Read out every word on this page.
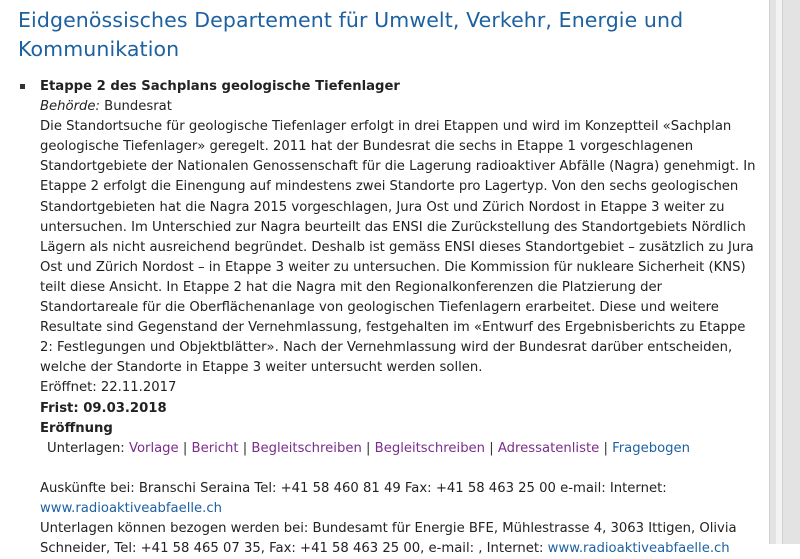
Eidgenössisches Departement für Umwelt, Verkehr, Energie und Kommunikation

Etappe 2 des Sachplans geologische Tiefenlager

Behörde: Bundesrat

Die Standortsuche für geologische Tiefenlager erfolgt in drei Etappen und wird im Konzeptteil «Sachplan geologische Tiefenlager» geregelt. 2011 hat der Bundesrat die sechs in Etappe 1 vorgeschlagenen Standortgebiete der Nationalen Genossenschaft für die Lagerung radioaktiver Abfälle (Nagra) genehmigt. In Etappe 2 erfolgt die Einengung auf mindestens zwei Standorte pro Lagertyp. Von den sechs geologischen Standortgebieten hat die Nagra 2015 vorgeschlagen, Jura Ost und Zürich Nordost in Etappe 3 weiter zu untersuchen. Im Unterschied zur Nagra beurteilt das ENSI die Zurückstellung des Standortgebiets Nördlich Lägern als nicht ausreichend begründet. Deshalb ist gemäss ENSI dieses Standortgebiet – zusätzlich zu Jura Ost und Zürich Nordost – in Etappe 3 weiter zu untersuchen. Die Kommission für nukleare Sicherheit (KNS) teilt diese Ansicht. In Etappe 2 hat die Nagra mit den Regionalkonferenzen die Platzierung der Standortareale für die Oberflächenanlage von geologischen Tiefenlagern erarbeitet. Diese und weitere Resultate sind Gegenstand der Vernehmlassung, festgehalten im «Entwurf des Ergebnisberichts zu Etappe 2: Festlegungen und Objektblätter». Nach der Vernehmlassung wird der Bundesrat darüber entscheiden, welche der Standorte in Etappe 3 weiter untersucht werden sollen.

Eröffnet: 22.11.2017

Frist: 09.03.2018

Eröffnung

Unterlagen: Vorlage | Bericht | Begleitschreiben | Begleitschreiben | Adressatenliste | Fragebogen

Auskünfte bei: Branschi Seraina Tel: +41 58 460 81 49 Fax: +41 58 463 25 00 e-mail: Internet: www.radioaktiveabfaelle.ch

Unterlagen können bezogen werden bei: Bundesamt für Energie BFE, Mühlestrasse 4, 3063 Ittigen, Olivia Schneider, Tel: +41 58 465 07 35, Fax: +41 58 463 25 00, e-mail: , Internet: www.radioaktiveabfaelle.ch
